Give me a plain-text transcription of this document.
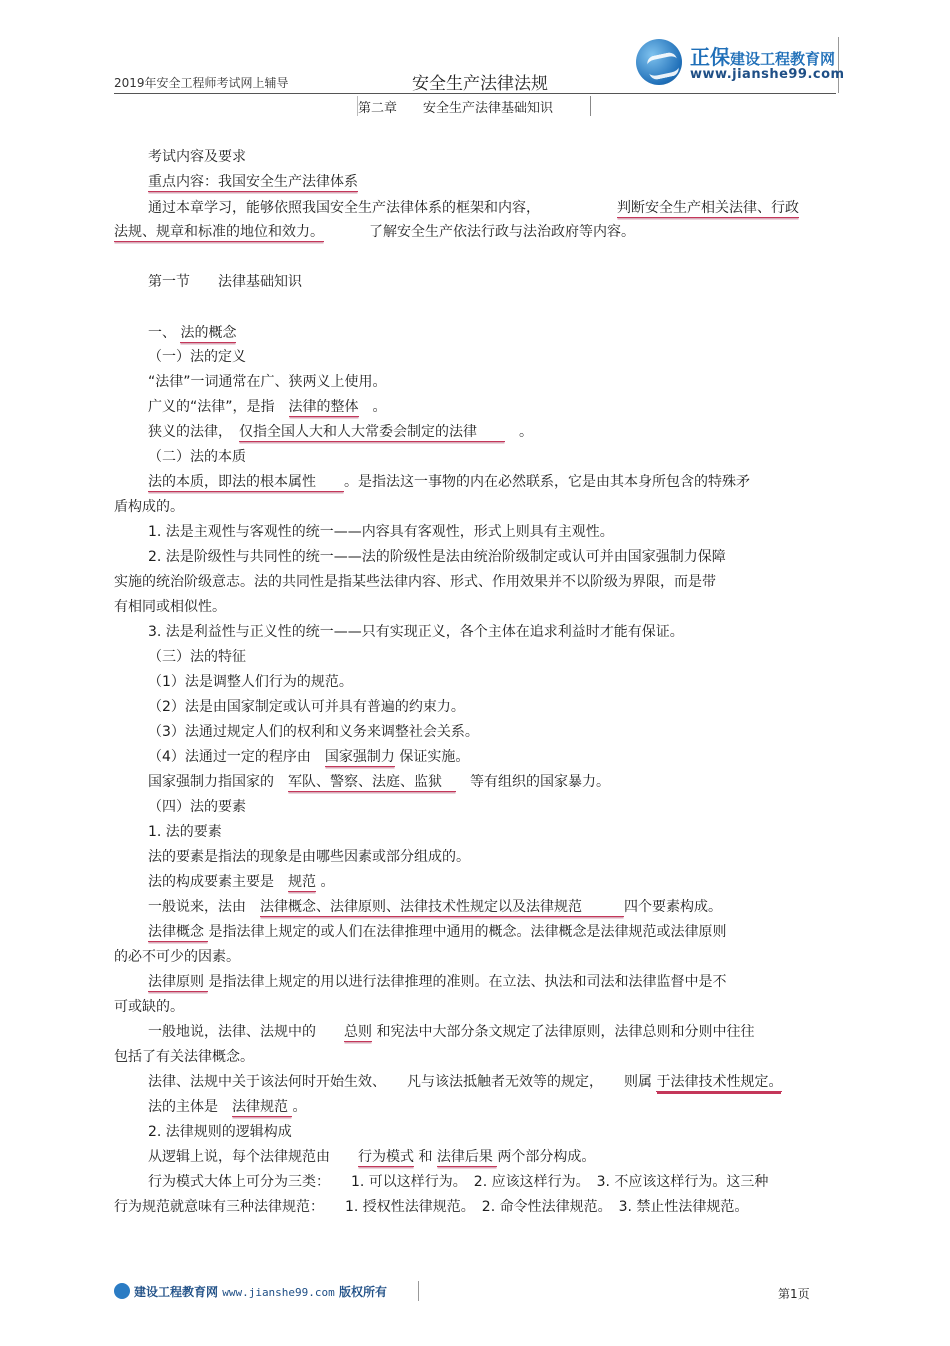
2019年安全工程师考试网上辅导	安全生产法律法规
正保建设工程教育网
www.jianshe99.com
第二章　　安全生产法律基础知识
考试内容及要求
重点内容：我国安全生产法律体系
通过本章学习，能够依照我国安全生产法律体系的框架和内容，	判断安全生产相关法律、行政
法规、规章和标准的地位和效力。	了解安全生产依法行政与法治政府等内容。
第一节　　法律基础知识
一、 法的概念
（一）法的定义
“法律”一词通常在广、狭两义上使用。
广义的“法律”，是指　法律的整体　。
狭义的法律，　仅指全国人大和人大常委会制定的法律　　　。
（二）法的本质
法的本质，即法的根本属性　　。是指法这一事物的内在必然联系，它是由其本身所包含的特殊矛
盾构成的。
1. 法是主观性与客观性的统一——内容具有客观性，形式上则具有主观性。
2. 法是阶级性与共同性的统一——法的阶级性是法由统治阶级制定或认可并由国家强制力保障
实施的统治阶级意志。法的共同性是指某些法律内容、形式、作用效果并不以阶级为界限，而是带
有相同或相似性。
3. 法是利益性与正义性的统一——只有实现正义，各个主体在追求利益时才能有保证。
（三）法的特征
（1）法是调整人们行为的规范。
（2）法是由国家制定或认可并具有普遍的约束力。
（3）法通过规定人们的权利和义务来调整社会关系。
（4）法通过一定的程序由　国家强制力 保证实施。
国家强制力指国家的　军队、警察、法庭、监狱　　等有组织的国家暴力。
（四）法的要素
1. 法的要素
法的要素是指法的现象是由哪些因素或部分组成的。
法的构成要素主要是　规范 。
一般说来，法由　法律概念、法律原则、法律技术性规定以及法律规范　　　四个要素构成。
法律概念 是指法律上规定的或人们在法律推理中通用的概念。法律概念是法律规范或法律原则
的必不可少的因素。
法律原则 是指法律上规定的用以进行法律推理的准则。在立法、执法和司法和法律监督中是不
可或缺的。
一般地说，法律、法规中的　　总则 和宪法中大部分条文规定了法律原则，法律总则和分则中往往
包括了有关法律概念。
法律、法规中关于该法何时开始生效、　　凡与该法抵触者无效等的规定，　　则属 于法律技术性规定。
法的主体是　法律规范 。
2. 法律规则的逻辑构成
从逻辑上说，每个法律规范由　　行为模式 和 法律后果 两个部分构成。
行为模式大体上可分为三类：　　1. 可以这样行为。　2. 应该这样行为。　3. 不应该这样行为。这三种
行为规范就意味有三种法律规范：　　1. 授权性法律规范。　2. 命令性法律规范。　3. 禁止性法律规范。
建设工程教育网 www.jianshe99.com 版权所有	第1页
